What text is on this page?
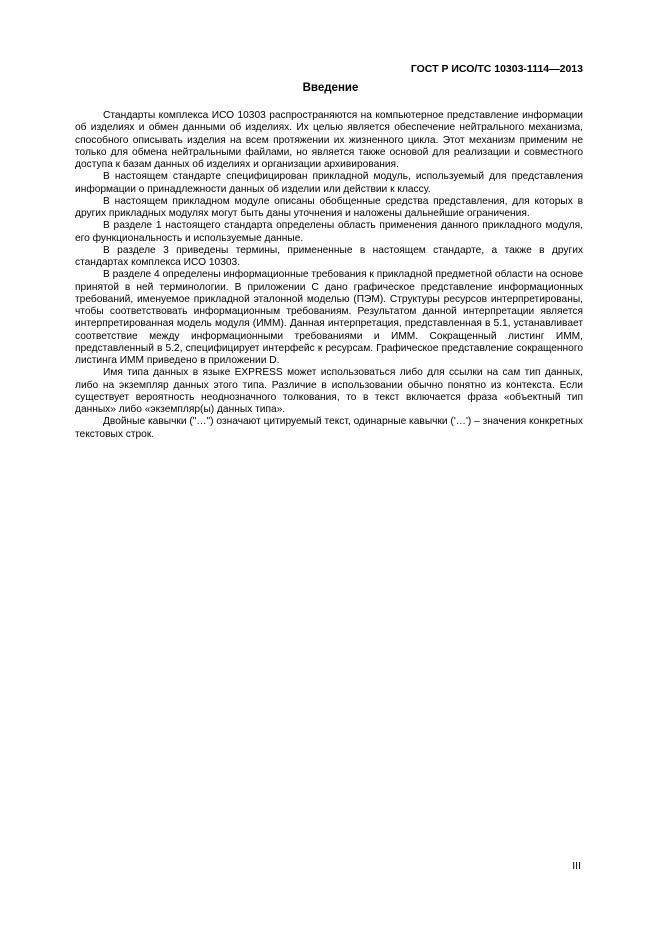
ГОСТ Р ИСО/ТС 10303-1114—2013
Введение

Стандарты комплекса ИСО 10303 распространяются на компьютерное представление информации об изделиях и обмен данными об изделиях. Их целью является обеспечение нейтрального механизма, способного описывать изделия на всем протяжении их жизненного цикла. Этот механизм применим не только для обмена нейтральными файлами, но является также основой для реализации и совместного доступа к базам данных об изделиях и организации архивирования.

В настоящем стандарте специфицирован прикладной модуль, используемый для представления информации о принадлежности данных об изделии или действии к классу.

В настоящем прикладном модуле описаны обобщенные средства представления, для которых в других прикладных модулях могут быть даны уточнения и наложены дальнейшие ограничения.

В разделе 1 настоящего стандарта определены область применения данного прикладного модуля, его функциональность и используемые данные.

В разделе 3 приведены термины, примененные в настоящем стандарте, а также в других стандартах комплекса ИСО 10303.

В разделе 4 определены информационные требования к прикладной предметной области на основе принятой в ней терминологии. В приложении С дано графическое представление информационных требований, именуемое прикладной эталонной моделью (ПЭМ). Структуры ресурсов интерпретированы, чтобы соответствовать информационным требованиям. Результатом данной интерпретации является интерпретированная модель модуля (ИММ). Данная интерпретация, представленная в 5.1, устанавливает соответствие между информационными требованиями и ИММ. Сокращенный листинг ИММ, представленный в 5.2, специфицирует интерфейс к ресурсам. Графическое представление сокращенного листинга ИММ приведено в приложении D.

Имя типа данных в языке EXPRESS может использоваться либо для ссылки на сам тип данных, либо на экземпляр данных этого типа. Различие в использовании обычно понятно из контекста. Если существует вероятность неоднозначного толкования, то в текст включается фраза «объектный тип данных» либо «экземпляр(ы) данных типа».

Двойные кавычки ("…") означают цитируемый текст, одинарные кавычки ('…') – значения конкретных текстовых строк.

III
